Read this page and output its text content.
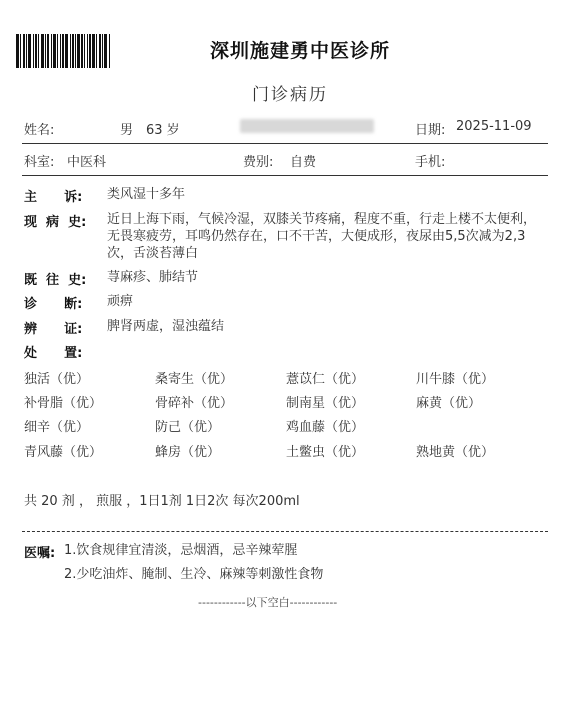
深圳施建勇中医诊所
门诊病历
姓名:	男 63 岁	日期: 2025-11-09
科室: 中医科	费别: 自费	手机:
主      诉: 类风湿十多年
现  病  史: 近日上海下雨，气候冷湿，双膝关节疼痛，程度不重，行走上楼不太便利，无畏寒疲劳，耳鸣仍然存在，口不干苦，大便成形，夜尿由5,5次减为2,3次，舌淡苔薄白
既  往  史: 荨麻疹、肺结节
诊      断: 顽痹
辨      证: 脾肾两虚，湿浊蕴结
处      置:
独活（优）	桑寄生（优）	薏苡仁（优）	川牛膝（优）
补骨脂（优）	骨碎补（优）	制南星（优）	麻黄（优）
细辛（优）	防己（优）	鸡血藤（优）
青风藤（优）	蜂房（优）	土鳖虫（优）	熟地黄（优）
共 20 剂 ， 煎服 ，1日1剂 1日2次 每次200ml
医嘱: 1.饮食规律宜清淡，忌烟酒，忌辛辣荤腥
2.少吃油炸、腌制、生冷、麻辣等刺激性食物
------------以下空白------------
